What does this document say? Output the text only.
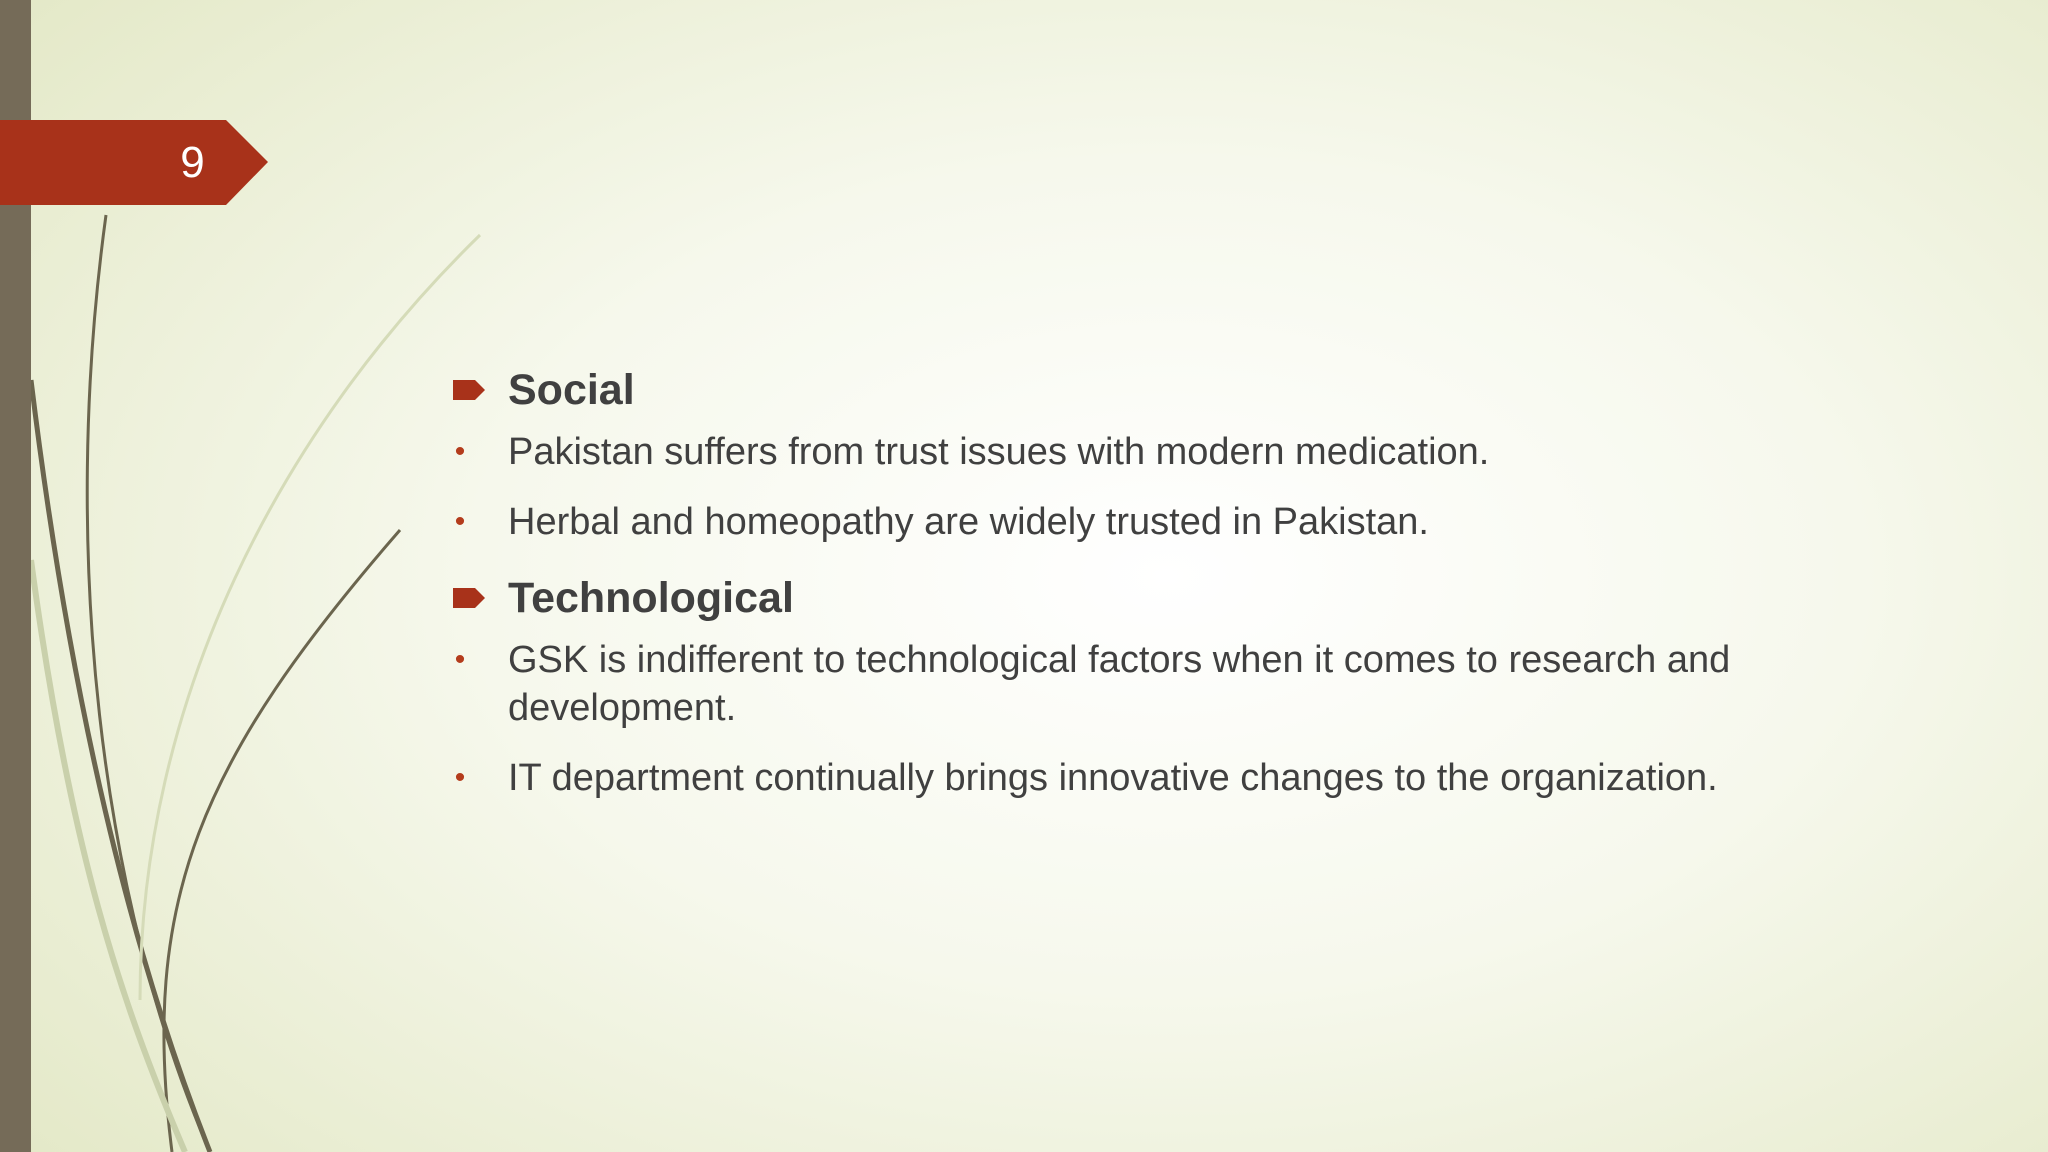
9
Social
• Pakistan suffers from trust issues with modern medication.
• Herbal and homeopathy are widely trusted in Pakistan.
Technological
• GSK is indifferent to technological factors when it comes to research and development.
• IT department continually brings innovative changes to the organization.
